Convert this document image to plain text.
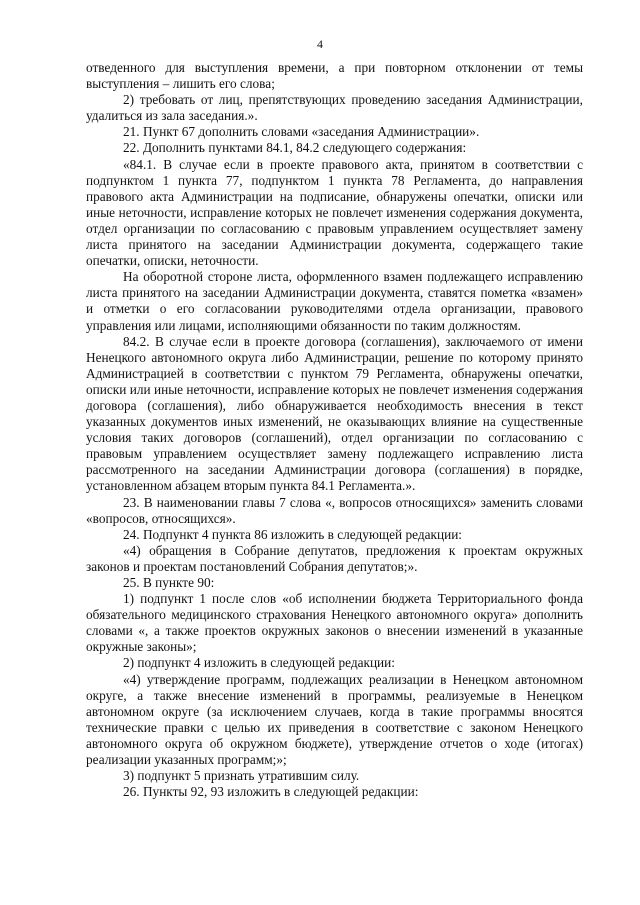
4

отведенного для выступления времени, а при повторном отклонении от темы выступления – лишить его слова;

2) требовать от лиц, препятствующих проведению заседания Администрации, удалиться из зала заседания.».

21. Пункт 67 дополнить словами «заседания Администрации».

22. Дополнить пунктами 84.1, 84.2 следующего содержания:

«84.1. В случае если в проекте правового акта, принятом в соответствии с подпунктом 1 пункта 77, подпунктом 1 пункта 78 Регламента, до направления правового акта Администрации на подписание, обнаружены опечатки, описки или иные неточности, исправление которых не повлечет изменения содержания документа, отдел организации по согласованию с правовым управлением осуществляет замену листа принятого на заседании Администрации документа, содержащего такие опечатки, описки, неточности.

На оборотной стороне листа, оформленного взамен подлежащего исправлению листа принятого на заседании Администрации документа, ставятся пометка «взамен» и отметки о его согласовании руководителями отдела организации, правового управления или лицами, исполняющими обязанности по таким должностям.

84.2. В случае если в проекте договора (соглашения), заключаемого от имени Ненецкого автономного округа либо Администрации, решение по которому принято Администрацией в соответствии с пунктом 79 Регламента, обнаружены опечатки, описки или иные неточности, исправление которых не повлечет изменения содержания договора (соглашения), либо обнаруживается необходимость внесения в текст указанных документов иных изменений, не оказывающих влияние на существенные условия таких договоров (соглашений), отдел организации по согласованию с правовым управлением осуществляет замену подлежащего исправлению листа рассмотренного на заседании Администрации договора (соглашения) в порядке, установленном абзацем вторым пункта 84.1 Регламента.».

23. В наименовании главы 7 слова «, вопросов относящихся» заменить словами «вопросов, относящихся».

24. Подпункт 4 пункта 86 изложить в следующей редакции:

«4) обращения в Собрание депутатов, предложения к проектам окружных законов и проектам постановлений Собрания депутатов;».

25. В пункте 90:

1) подпункт 1 после слов «об исполнении бюджета Территориального фонда обязательного медицинского страхования Ненецкого автономного округа» дополнить словами «, а также проектов окружных законов о внесении изменений в указанные окружные законы»;

2) подпункт 4 изложить в следующей редакции:

«4) утверждение программ, подлежащих реализации в Ненецком автономном округе, а также внесение изменений в программы, реализуемые в Ненецком автономном округе (за исключением случаев, когда в такие программы вносятся технические правки с целью их приведения в соответствие с законом Ненецкого автономного округа об окружном бюджете), утверждение отчетов о ходе (итогах) реализации указанных программ;»;

3) подпункт 5 признать утратившим силу.

26. Пункты 92, 93 изложить в следующей редакции:
